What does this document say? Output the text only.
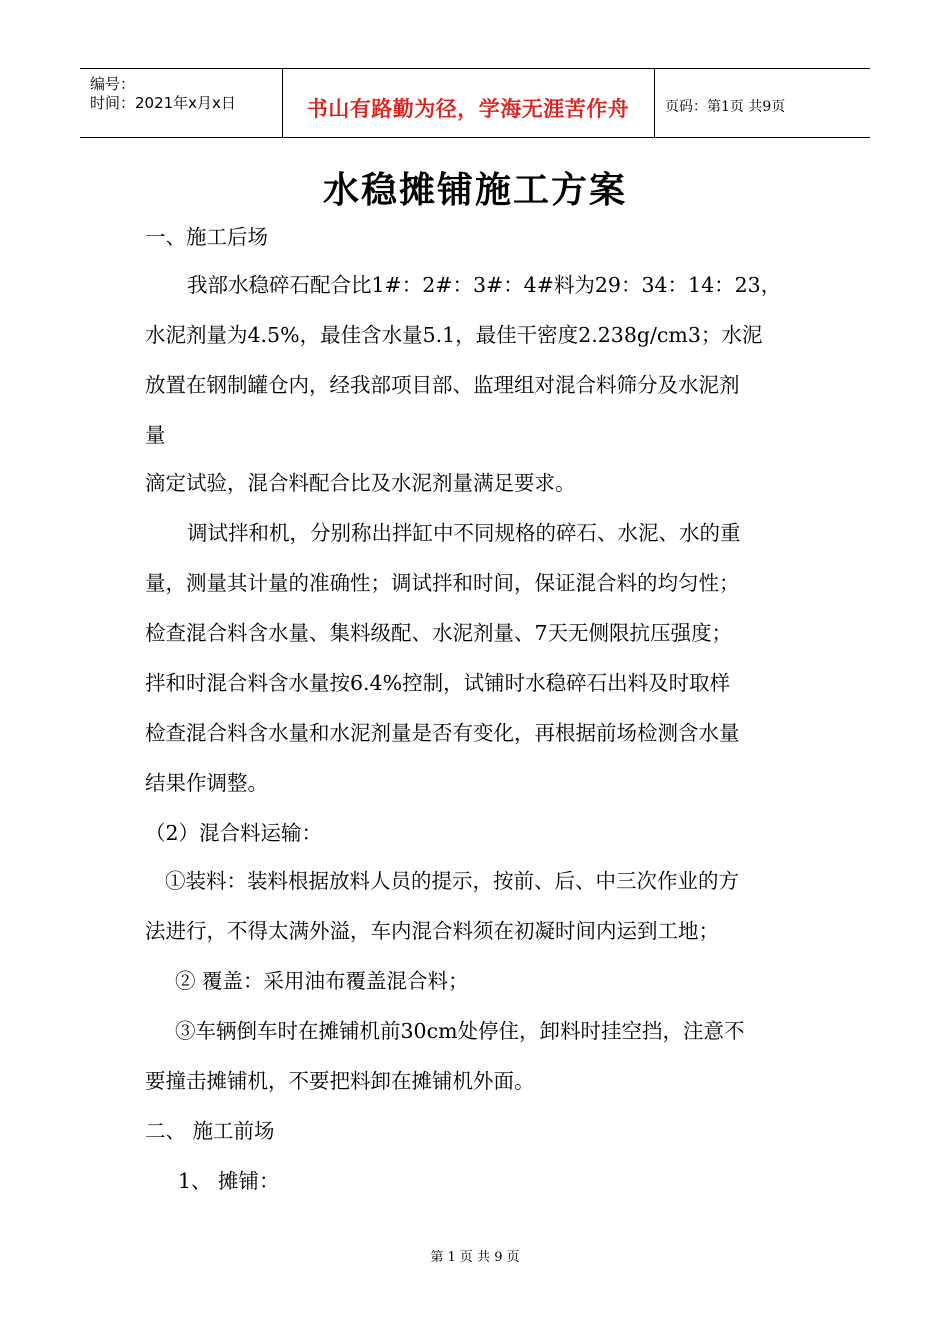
编号：
时间：2021年x月x日	书山有路勤为径，学海无涯苦作舟	页码：第1页 共9页
水稳摊铺施工方案
一、施工后场
我部水稳碎石配合比1#：2#：3#：4#料为29：34：14：23，
水泥剂量为4.5%，最佳含水量5.1，最佳干密度2.238g/cm3；水泥
放置在钢制罐仓内，经我部项目部、监理组对混合料筛分及水泥剂
量
滴定试验，混合料配合比及水泥剂量满足要求。
调试拌和机，分别称出拌缸中不同规格的碎石、水泥、水的重
量，测量其计量的准确性；调试拌和时间，保证混合料的均匀性；
检查混合料含水量、集料级配、水泥剂量、7天无侧限抗压强度；
拌和时混合料含水量按6.4%控制，试铺时水稳碎石出料及时取样
检查混合料含水量和水泥剂量是否有变化，再根据前场检测含水量
结果作调整。
（2）混合料运输：
①装料：装料根据放料人员的提示，按前、后、中三次作业的方
法进行，不得太满外溢，车内混合料须在初凝时间内运到工地；
② 覆盖：采用油布覆盖混合料；
③车辆倒车时在摊铺机前30cm处停住，卸料时挂空挡，注意不
要撞击摊铺机，不要把料卸在摊铺机外面。
二、 施工前场
1、 摊铺：
第 1 页 共 9 页
